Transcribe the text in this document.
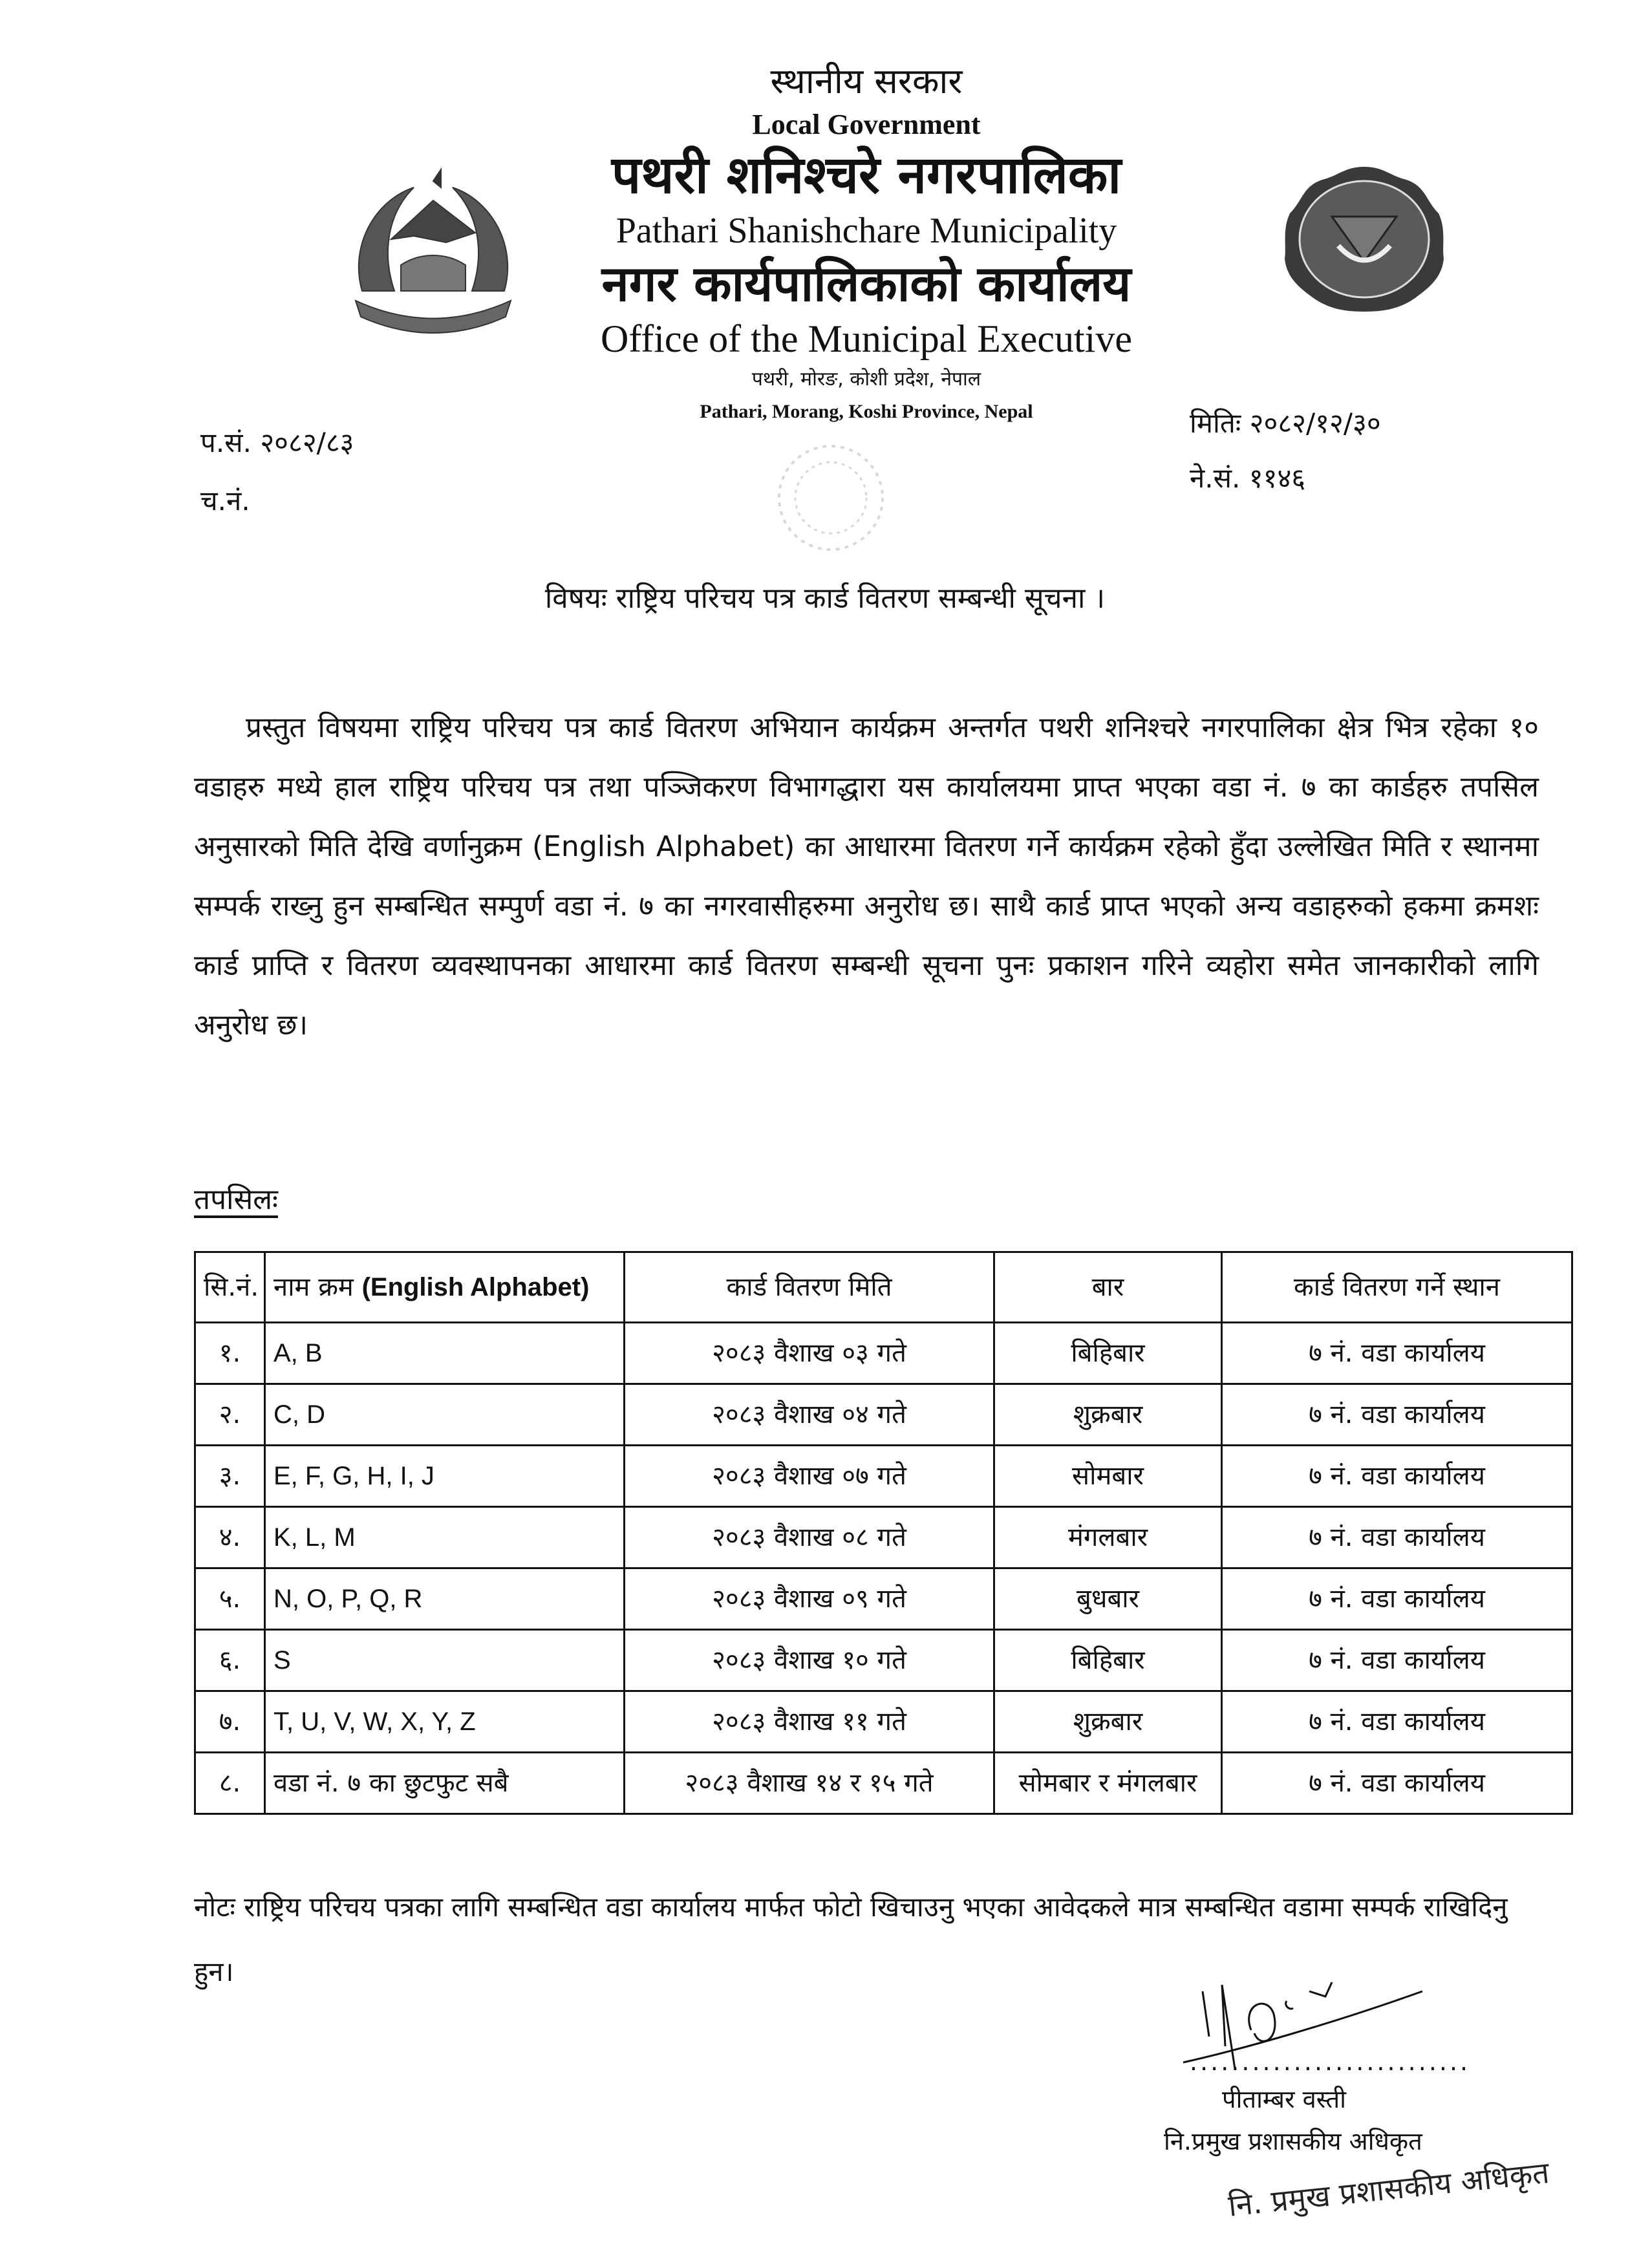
स्थानीय सरकार
Local Government
पथरी शनिश्चरे नगरपालिका
Pathari Shanishchare Municipality
नगर कार्यपालिकाको कार्यालय
Office of the Municipal Executive
पथरी, मोरङ, कोशी प्रदेश, नेपाल
Pathari, Morang, Koshi Province, Nepal
प.सं. २०८२/८३
च.नं.
मितिः २०८२/१२/३०
ने.सं. ११४६
विषयः राष्ट्रिय परिचय पत्र कार्ड वितरण सम्बन्धी सूचना ।
प्रस्तुत विषयमा राष्ट्रिय परिचय पत्र कार्ड वितरण अभियान कार्यक्रम अन्तर्गत पथरी शनिश्चरे नगरपालिका क्षेत्र भित्र रहेका १० वडाहरु मध्ये हाल राष्ट्रिय परिचय पत्र तथा पञ्जिकरण विभागद्धारा यस कार्यालयमा प्राप्त भएका वडा नं. ७ का कार्डहरु तपसिल अनुसारको मिति देखि वर्णानुक्रम (English Alphabet) का आधारमा वितरण गर्ने कार्यक्रम रहेको हुँदा उल्लेखित मिति र स्थानमा सम्पर्क राख्नु हुन सम्बन्धित सम्पुर्ण वडा नं. ७ का नगरवासीहरुमा अनुरोध छ। साथै कार्ड प्राप्त भएको अन्य वडाहरुको हकमा क्रमशः कार्ड प्राप्ति र वितरण व्यवस्थापनका आधारमा कार्ड वितरण सम्बन्धी सूचना पुनः प्रकाशन गरिने व्यहोरा समेत जानकारीको लागि अनुरोध छ।
तपसिलः
सि.नं.	नाम क्रम (English Alphabet)	कार्ड वितरण मिति	बार	कार्ड वितरण गर्ने स्थान
१.	A, B	२०८३ वैशाख ०३ गते	बिहिबार	७ नं. वडा कार्यालय
२.	C, D	२०८३ वैशाख ०४ गते	शुक्रबार	७ नं. वडा कार्यालय
३.	E, F, G, H, I, J	२०८३ वैशाख ०७ गते	सोमबार	७ नं. वडा कार्यालय
४.	K, L, M	२०८३ वैशाख ०८ गते	मंगलबार	७ नं. वडा कार्यालय
५.	N, O, P, Q, R	२०८३ वैशाख ०९ गते	बुधबार	७ नं. वडा कार्यालय
६.	S	२०८३ वैशाख १० गते	बिहिबार	७ नं. वडा कार्यालय
७.	T, U, V, W, X, Y, Z	२०८३ वैशाख ११ गते	शुक्रबार	७ नं. वडा कार्यालय
८.	वडा नं. ७ का छुटफुट सबै	२०८३ वैशाख १४ र १५ गते	सोमबार र मंगलबार	७ नं. वडा कार्यालय
नोटः राष्ट्रिय परिचय पत्रका लागि सम्बन्धित वडा कार्यालय मार्फत फोटो खिचाउनु भएका आवेदकले मात्र सम्बन्धित वडामा सम्पर्क राखिदिनु हुन।
...........................
पीताम्बर वस्ती
नि.प्रमुख प्रशासकीय अधिकृत
नि. प्रमुख प्रशासकीय अधिकृत
